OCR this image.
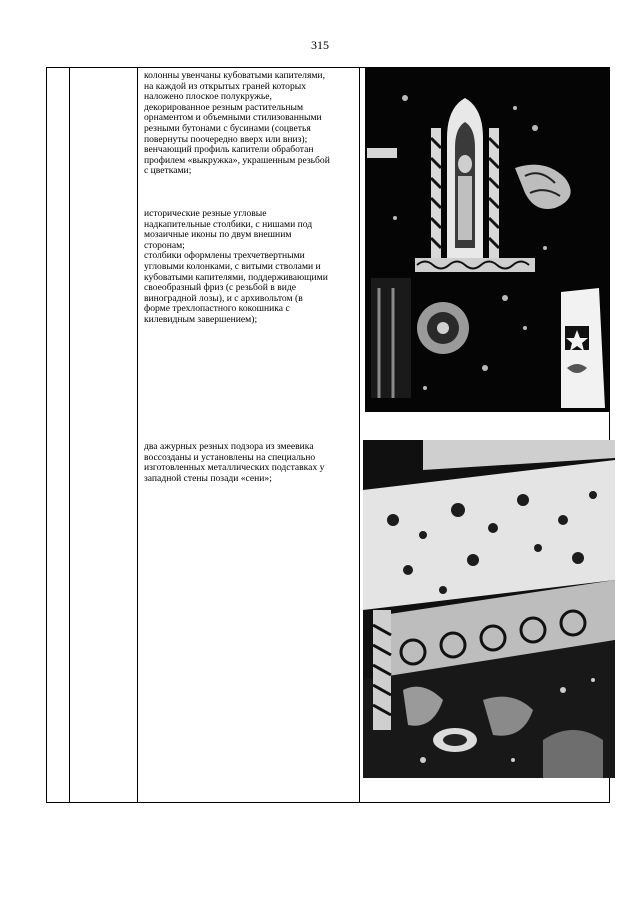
315
колонны увенчаны кубоватыми капителями,
на каждой из открытых граней которых
наложено плоское полукружье,
декорированное резным растительным
орнаментом и объемными стилизованными
резными бутонами с бусинами (соцветья
повернуты поочередно вверх или вниз);
венчающий профиль капители обработан
профилем «выкружка», украшенным резьбой
с цветками;
исторические резные угловые
надкапительные столбики, с нишами под
мозаичные иконы по двум внешним
сторонам;
столбики оформлены трехчетвертными
угловыми колонками, с витыми стволами и
кубоватыми капителями, поддерживающими
своеобразный фриз (с резьбой в виде
виноградной лозы), и с архивольтом (в
форме трехлопастного кокошника с
килевидным завершением);
два ажурных резных подзора из змеевика
воссозданы и установлены на специально
изготовленных металлических подставках у
западной стены позади «сени»;
